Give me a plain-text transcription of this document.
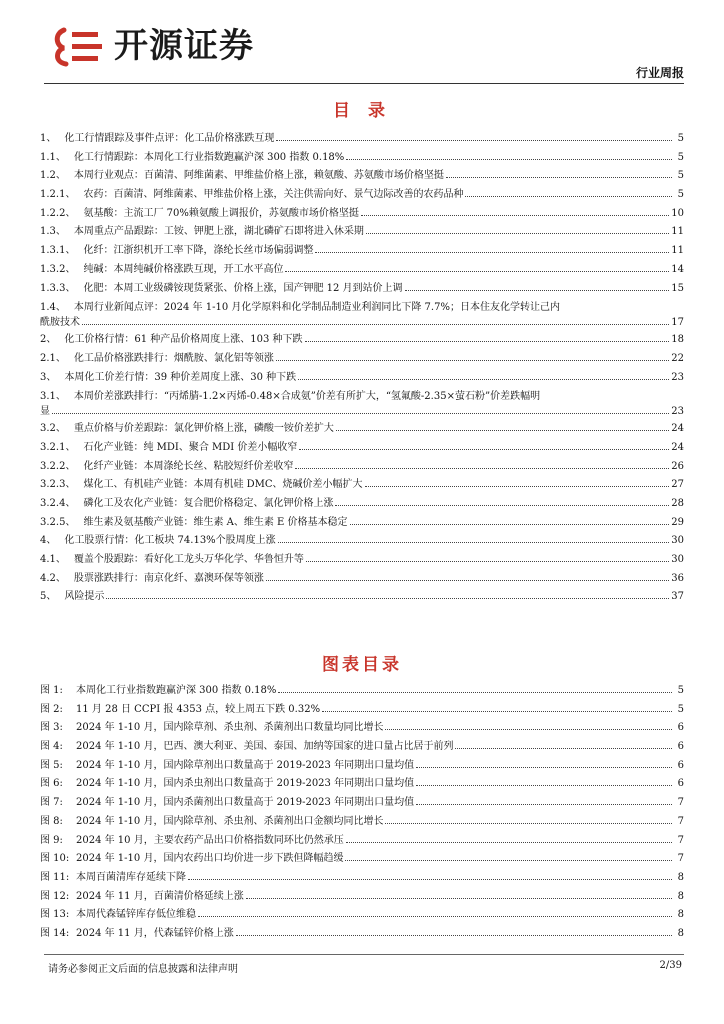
开源证券
行业周报
目 录
1、 化工行情跟踪及事件点评：化工品价格涨跌互现	5
1.1、 化工行情跟踪：本周化工行业指数跑赢沪深 300 指数 0.18%	5
1.2、 本周行业观点：百菌清、阿维菌素、甲维盐价格上涨，赖氨酸、苏氨酸市场价格坚挺	5
1.2.1、 农药：百菌清、阿维菌素、甲维盐价格上涨，关注供需向好、景气边际改善的农药品种	5
1.2.2、 氨基酸：主流工厂 70%赖氨酸上调报价，苏氨酸市场价格坚挺	10
1.3、 本周重点产品跟踪：工铵、钾肥上涨，湖北磷矿石即将进入休采期	11
1.3.1、 化纤：江浙织机开工率下降，涤纶长丝市场偏弱调整	11
1.3.2、 纯碱：本周纯碱价格涨跌互现，开工水平高位	14
1.3.3、 化肥：本周工业级磷铵现货紧张、价格上涨，国产钾肥 12 月到站价上调	15
1.4、 本周行业新闻点评：2024 年 1-10 月化学原料和化学制品制造业利润同比下降 7.7%；日本住友化学转让己内
酰胺技术	17
2、 化工价格行情：61 种产品价格周度上涨、103 种下跌	18
2.1、 化工品价格涨跌排行：烟酰胺、氯化铝等领涨	22
3、 本周化工价差行情：39 种价差周度上涨、30 种下跌	23
3.1、 本周价差涨跌排行：“丙烯腈-1.2×丙烯-0.48×合成氨”价差有所扩大，“氢氟酸-2.35×萤石粉”价差跌幅明
显	23
3.2、 重点价格与价差跟踪：氯化钾价格上涨，磷酸一铵价差扩大	24
3.2.1、 石化产业链：纯 MDI、聚合 MDI 价差小幅收窄	24
3.2.2、 化纤产业链：本周涤纶长丝、粘胶短纤价差收窄	26
3.2.3、 煤化工、有机硅产业链：本周有机硅 DMC、烧碱价差小幅扩大	27
3.2.4、 磷化工及农化产业链：复合肥价格稳定、氯化钾价格上涨	28
3.2.5、 维生素及氨基酸产业链：维生素 A、维生素 E 价格基本稳定	29
4、 化工股票行情：化工板块 74.13%个股周度上涨	30
4.1、 覆盖个股跟踪：看好化工龙头万华化学、华鲁恒升等	30
4.2、 股票涨跌排行：南京化纤、嘉澳环保等领涨	36
5、 风险提示	37
图表目录
图 1:	本周化工行业指数跑赢沪深 300 指数 0.18%	5
图 2:	11 月 28 日 CCPI 报 4353 点，较上周五下跌 0.32%	5
图 3:	2024 年 1-10 月，国内除草剂、杀虫剂、杀菌剂出口数量均同比增长	6
图 4:	2024 年 1-10 月，巴西、澳大利亚、美国、泰国、加纳等国家的进口量占比居于前列	6
图 5:	2024 年 1-10 月，国内除草剂出口数量高于 2019-2023 年同期出口量均值	6
图 6:	2024 年 1-10 月，国内杀虫剂出口数量高于 2019-2023 年同期出口量均值	6
图 7:	2024 年 1-10 月，国内杀菌剂出口数量高于 2019-2023 年同期出口量均值	7
图 8:	2024 年 1-10 月，国内除草剂、杀虫剂、杀菌剂出口金额均同比增长	7
图 9:	2024 年 10 月，主要农药产品出口价格指数同环比仍然承压	7
图 10: 2024 年 1-10 月，国内农药出口均价进一步下跌但降幅趋缓	7
图 11: 本周百菌清库存延续下降	8
图 12: 2024 年 11 月，百菌清价格延续上涨	8
图 13: 本周代森锰锌库存低位维稳	8
图 14: 2024 年 11 月，代森锰锌价格上涨	8
请务必参阅正文后面的信息披露和法律声明	2/39
